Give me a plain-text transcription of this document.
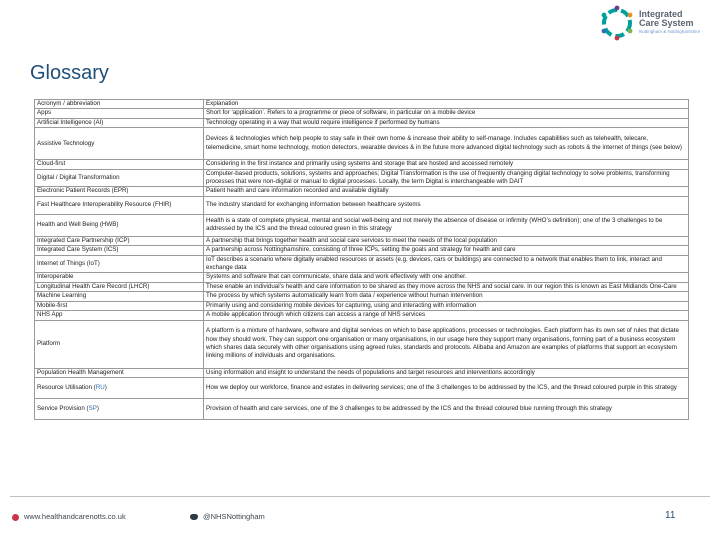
Integrated
Care System
Nottingham & Nottinghamshire
Glossary
Acronym / abbreviation	Explanation
Apps	Short for ‘application’. Refers to a programme or piece of software, in particular on a mobile device
Artificial Intelligence (AI)	Technology operating in a way that would require intelligence if performed by humans
Assistive Technology	Devices & technologies which help people to stay safe in their own home & increase their ability to self-manage. Includes capabilities such as telehealth, telecare, telemedicine, smart home technology, motion detectors, wearable devices & in the future more advanced digital technology such as robots & the internet of things (see below)
Cloud-first	Considering in the first instance and primarily using systems and storage that are hosted and accessed remotely
Digital / Digital Transformation	Computer-based products, solutions, systems and approaches; Digital Transformation is the use of frequently changing digital technology to solve problems, transforming processes that were non-digital or manual to digital processes. Locally, the term Digital is interchangeable with DAIT
Electronic Patient Records (EPR)	Patient health and care information recorded and available digitally
Fast Healthcare Interoperability Resource (FHIR)	The industry standard for exchanging information between healthcare systems
Health and Well Being (HWB)	Health is a state of complete physical, mental and social well-being and not merely the absence of disease or infirmity (WHO’s definition); one of the 3 challenges to be addressed by the ICS and the thread coloured green in this strategy
Integrated Care Partnership (ICP)	A partnership that brings together health and social care services to meet the needs of the local population
Integrated Care System (ICS)	A partnership across Nottinghamshire, consisting of three ICPs, setting the goals and strategy for health and care
Internet of Things (IoT)	IoT describes a scenario where digitally enabled resources or assets (e.g. devices, cars or buildings) are connected to a network that enables them to link, interact and exchange data
Interoperable	Systems and software that can communicate, share data and work effectively with one another.
Longitudinal Health Care Record (LHCR)	These enable an individual’s health and care information to be shared as they move across the NHS and social care. In our region this is known as East Midlands One-Care
Machine Learning	The process by which systems automatically learn from data / experience without human intervention
Mobile-first	Primarily using and considering mobile devices for capturing, using and interacting with information
NHS App	A mobile application through which citizens can access a range of NHS services
Platform	A platform is a mixture of hardware, software and digital services on which to base applications, processes or technologies. Each platform has its own set of rules that dictate how they should work. They can support one organisation or many organisations, in our usage here they support many organisations, forming part of a business ecosystem which shares data securely with other organisations using agreed rules, standards and protocols. Alibaba and Amazon are examples of platforms that support an ecosystem linking millions of individuals and organisations.
Population Health Management	Using information and insight to understand the needs of populations and target resources and interventions accordingly
Resource Utilisation (RU)	How we deploy our workforce, finance and estates in delivering services; one of the 3 challenges to be addressed by the ICS, and the thread coloured purple in this strategy
Service Provision (SP)	Provision of health and care services, one of the 3 challenges to be addressed by the ICS and the thread coloured blue running through this strategy
www.healthandcarenotts.co.uk	@NHSNottingham	11
